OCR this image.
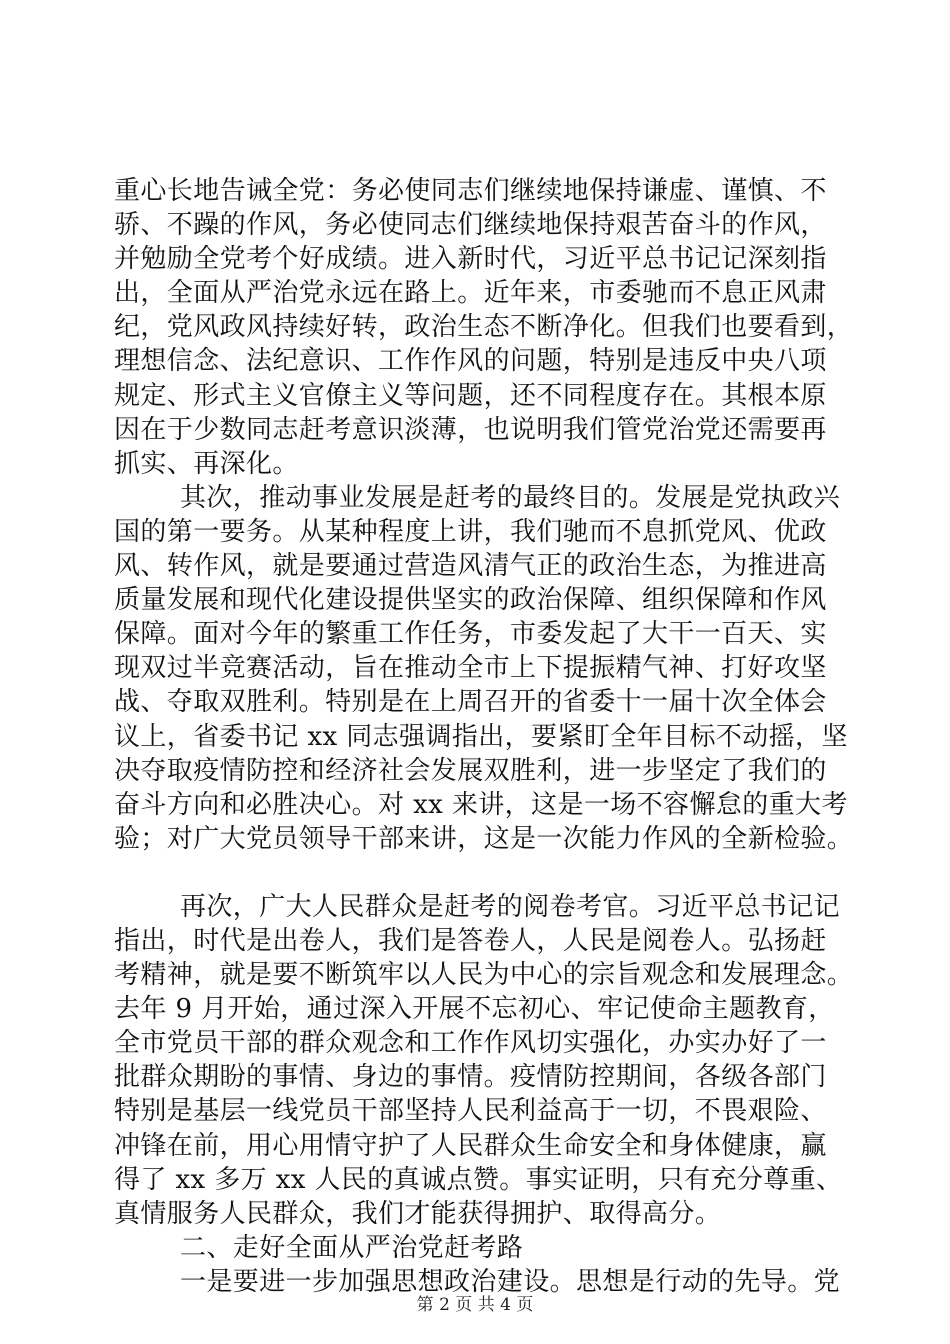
重心长地告诫全党：务必使同志们继续地保持谦虚、谨慎、不
骄、不躁的作风，务必使同志们继续地保持艰苦奋斗的作风，
并勉励全党考个好成绩。进入新时代，习近平总书记记深刻指
出，全面从严治党永远在路上。近年来，市委驰而不息正风肃
纪，党风政风持续好转，政治生态不断净化。但我们也要看到，
理想信念、法纪意识、工作作风的问题，特别是违反中央八项
规定、形式主义官僚主义等问题，还不同程度存在。其根本原
因在于少数同志赶考意识淡薄，也说明我们管党治党还需要再
抓实、再深化。
其次，推动事业发展是赶考的最终目的。发展是党执政兴
国的第一要务。从某种程度上讲，我们驰而不息抓党风、优政
风、转作风，就是要通过营造风清气正的政治生态，为推进高
质量发展和现代化建设提供坚实的政治保障、组织保障和作风
保障。面对今年的繁重工作任务，市委发起了大干一百天、实
现双过半竞赛活动，旨在推动全市上下提振精气神、打好攻坚
战、夺取双胜利。特别是在上周召开的省委十一届十次全体会
议上，省委书记 xx 同志强调指出，要紧盯全年目标不动摇，坚
决夺取疫情防控和经济社会发展双胜利，进一步坚定了我们的
奋斗方向和必胜决心。对 xx 来讲，这是一场不容懈怠的重大考
验；对广大党员领导干部来讲，这是一次能力作风的全新检验。
再次，广大人民群众是赶考的阅卷考官。习近平总书记记
指出，时代是出卷人，我们是答卷人，人民是阅卷人。弘扬赶
考精神，就是要不断筑牢以人民为中心的宗旨观念和发展理念。
去年 9 月开始，通过深入开展不忘初心、牢记使命主题教育，
全市党员干部的群众观念和工作作风切实强化，办实办好了一
批群众期盼的事情、身边的事情。疫情防控期间，各级各部门
特别是基层一线党员干部坚持人民利益高于一切，不畏艰险、
冲锋在前，用心用情守护了人民群众生命安全和身体健康，赢
得了 xx 多万 xx 人民的真诚点赞。事实证明，只有充分尊重、
真情服务人民群众，我们才能获得拥护、取得高分。
二、走好全面从严治党赶考路
一是要进一步加强思想政治建设。思想是行动的先导。党
第 2 页 共 4 页
